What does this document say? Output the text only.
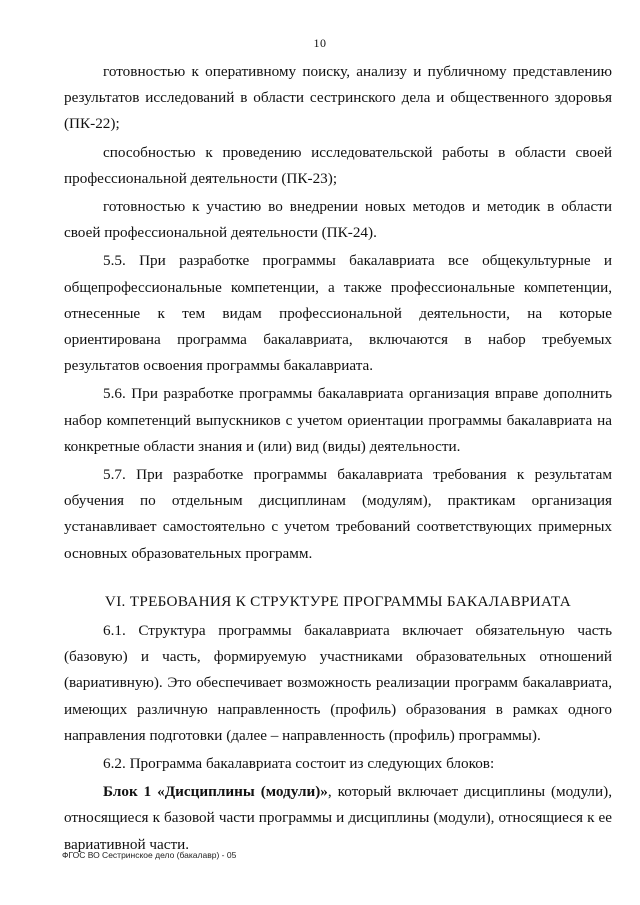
10

готовностью к оперативному поиску, анализу и публичному представлению результатов исследований в области сестринского дела и общественного здоровья (ПК-22);

способностью к проведению исследовательской работы в области своей профессиональной деятельности (ПК-23);

готовностью к участию во внедрении новых методов и методик в области своей профессиональной деятельности (ПК-24).

5.5. При разработке программы бакалавриата все общекультурные и общепрофессиональные компетенции, а также профессиональные компетенции, отнесенные к тем видам профессиональной деятельности, на которые ориентирована программа бакалавриата, включаются в набор требуемых результатов освоения программы бакалавриата.

5.6. При разработке программы бакалавриата организация вправе дополнить набор компетенций выпускников с учетом ориентации программы бакалавриата на конкретные области знания и (или) вид (виды) деятельности.

5.7. При разработке программы бакалавриата требования к результатам обучения по отдельным дисциплинам (модулям), практикам организация устанавливает самостоятельно с учетом требований соответствующих примерных основных образовательных программ.

VI. ТРЕБОВАНИЯ К СТРУКТУРЕ ПРОГРАММЫ БАКАЛАВРИАТА

6.1. Структура программы бакалавриата включает обязательную часть (базовую) и часть, формируемую участниками образовательных отношений (вариативную). Это обеспечивает возможность реализации программ бакалавриата, имеющих различную направленность (профиль) образования в рамках одного направления подготовки (далее – направленность (профиль) программы).

6.2. Программа бакалавриата состоит из следующих блоков:

Блок 1 «Дисциплины (модули)», который включает дисциплины (модули), относящиеся к базовой части программы и дисциплины (модули), относящиеся к ее вариативной части.

ФГОС ВО Сестринское дело (бакалавр) - 05
